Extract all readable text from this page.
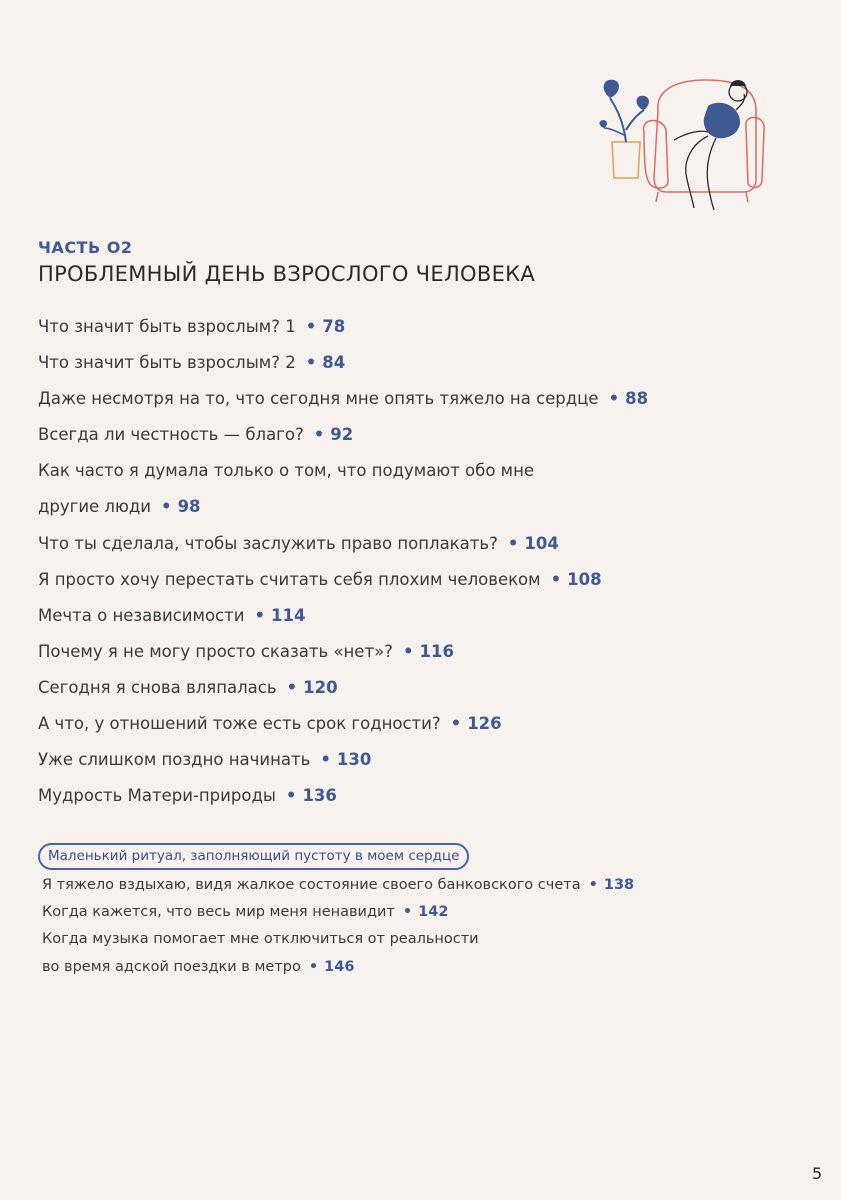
ЧАСТЬ О2
ПРОБЛЕМНЫЙ ДЕНЬ ВЗРОСЛОГО ЧЕЛОВЕКА
Что значит быть взрослым? 1 • 78
Что значит быть взрослым? 2 • 84
Даже несмотря на то, что сегодня мне опять тяжело на сердце • 88
Всегда ли честность — благо? • 92
Как часто я думала только о том, что подумают обо мне
другие люди • 98
Что ты сделала, чтобы заслужить право поплакать? • 104
Я просто хочу перестать считать себя плохим человеком • 108
Мечта о независимости • 114
Почему я не могу просто сказать «нет»? • 116
Сегодня я снова вляпалась • 120
А что, у отношений тоже есть срок годности? • 126
Уже слишком поздно начинать • 130
Мудрость Матери-природы • 136
Маленький ритуал, заполняющий пустоту в моем сердце
Я тяжело вздыхаю, видя жалкое состояние своего банковского счета • 138
Когда кажется, что весь мир меня ненавидит • 142
Когда музыка помогает мне отключиться от реальности
во время адской поездки в метро • 146
5
